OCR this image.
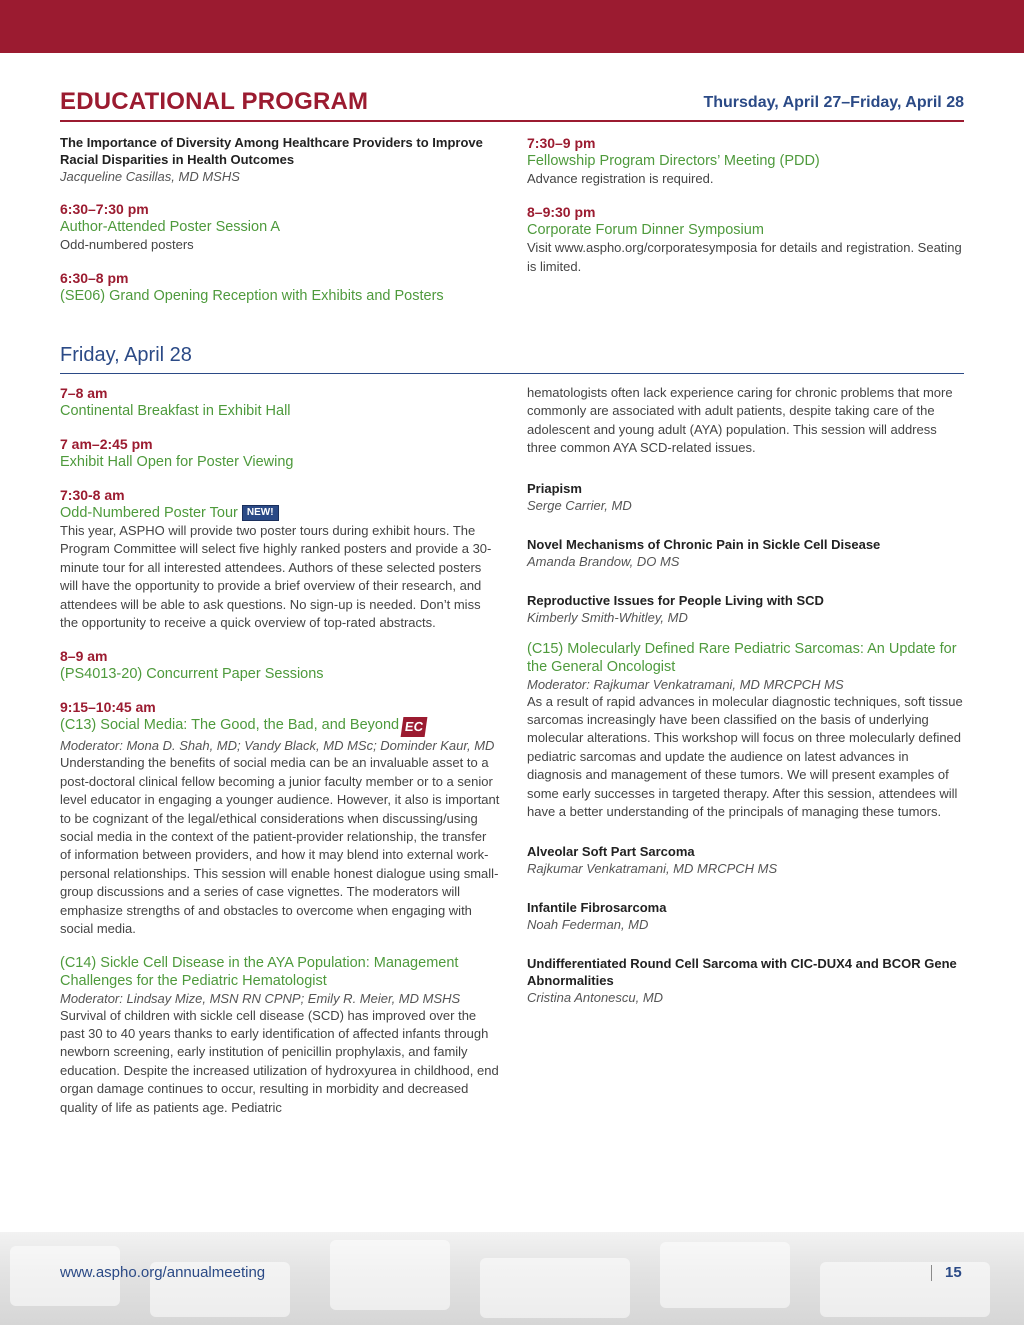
EDUCATIONAL PROGRAM	Thursday, April 27–Friday, April 28
The Importance of Diversity Among Healthcare Providers to Improve Racial Disparities in Health Outcomes
Jacqueline Casillas, MD MSHS
6:30–7:30 pm
Author-Attended Poster Session A
Odd-numbered posters
6:30–8 pm
(SE06) Grand Opening Reception with Exhibits and Posters
7:30–9 pm
Fellowship Program Directors’ Meeting (PDD)
Advance registration is required.
8–9:30 pm
Corporate Forum Dinner Symposium
Visit www.aspho.org/corporatesymposia for details and registration. Seating is limited.
Friday, April 28
7–8 am
Continental Breakfast in Exhibit Hall
7 am–2:45 pm
Exhibit Hall Open for Poster Viewing
7:30-8 am
Odd-Numbered Poster Tour NEW!
This year, ASPHO will provide two poster tours during exhibit hours. The Program Committee will select five highly ranked posters and provide a 30-minute tour for all interested attendees. Authors of these selected posters will have the opportunity to provide a brief overview of their research, and attendees will be able to ask questions. No sign-up is needed. Don’t miss the opportunity to receive a quick overview of top-rated abstracts.
8–9 am
(PS4013-20) Concurrent Paper Sessions
9:15–10:45 am
(C13) Social Media: The Good, the Bad, and Beyond EC
Moderator: Mona D. Shah, MD; Vandy Black, MD MSc; Dominder Kaur, MD
Understanding the benefits of social media can be an invaluable asset to a post-doctoral clinical fellow becoming a junior faculty member or to a senior level educator in engaging a younger audience. However, it also is important to be cognizant of the legal/ethical considerations when discussing/using social media in the context of the patient-provider relationship, the transfer of information between providers, and how it may blend into external work-personal relationships. This session will enable honest dialogue using small-group discussions and a series of case vignettes. The moderators will emphasize strengths of and obstacles to overcome when engaging with social media.
(C14) Sickle Cell Disease in the AYA Population: Management Challenges for the Pediatric Hematologist
Moderator: Lindsay Mize, MSN RN CPNP; Emily R. Meier, MD MSHS
Survival of children with sickle cell disease (SCD) has improved over the past 30 to 40 years thanks to early identification of affected infants through newborn screening, early institution of penicillin prophylaxis, and family education. Despite the increased utilization of hydroxyurea in childhood, end organ damage continues to occur, resulting in morbidity and decreased quality of life as patients age. Pediatric
hematologists often lack experience caring for chronic problems that more commonly are associated with adult patients, despite taking care of the adolescent and young adult (AYA) population. This session will address three common AYA SCD-related issues.
Priapism
Serge Carrier, MD
Novel Mechanisms of Chronic Pain in Sickle Cell Disease
Amanda Brandow, DO MS
Reproductive Issues for People Living with SCD
Kimberly Smith-Whitley, MD
(C15) Molecularly Defined Rare Pediatric Sarcomas: An Update for the General Oncologist
Moderator: Rajkumar Venkatramani, MD MRCPCH MS
As a result of rapid advances in molecular diagnostic techniques, soft tissue sarcomas increasingly have been classified on the basis of underlying molecular alterations. This workshop will focus on three molecularly defined pediatric sarcomas and update the audience on latest advances in diagnosis and management of these tumors. We will present examples of some early successes in targeted therapy. After this session, attendees will have a better understanding of the principals of managing these tumors.
Alveolar Soft Part Sarcoma
Rajkumar Venkatramani, MD MRCPCH MS
Infantile Fibrosarcoma
Noah Federman, MD
Undifferentiated Round Cell Sarcoma with CIC-DUX4 and BCOR Gene Abnormalities
Cristina Antonescu, MD
www.aspho.org/annualmeeting	15
